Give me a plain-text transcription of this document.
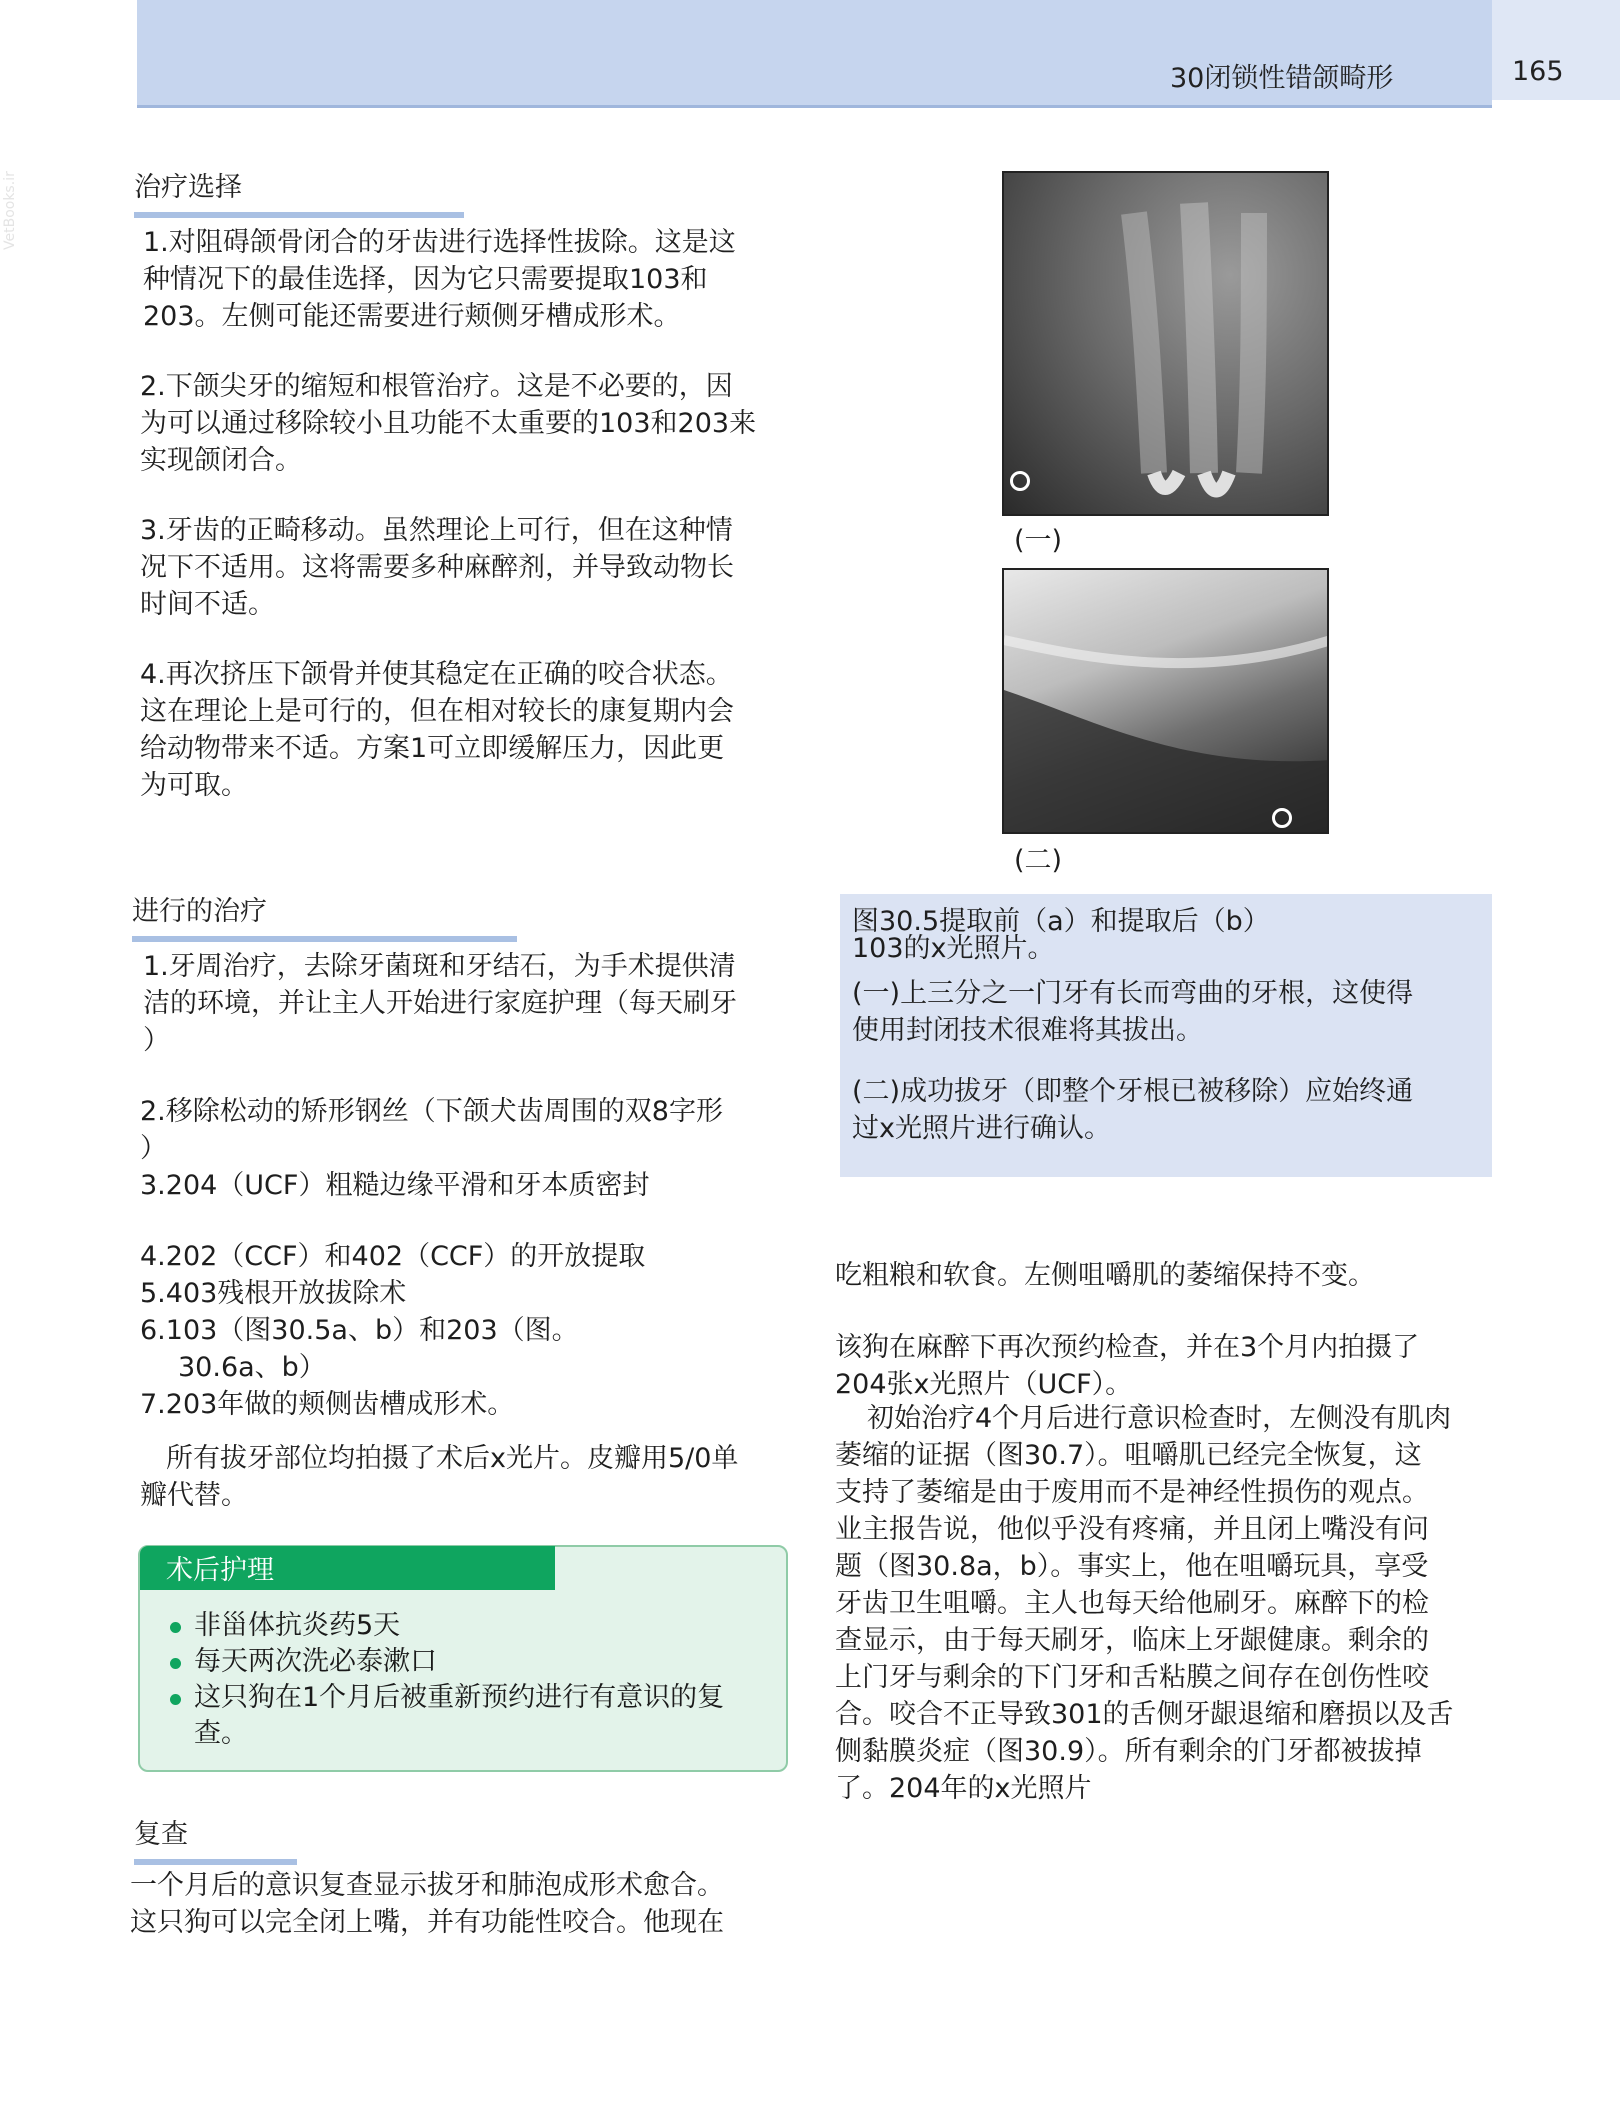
30闭锁性错颌畸形	165
VetBooks.ir	治疗选择
1.对阻碍颌骨闭合的牙齿进行选择性拔除。这是这
种情况下的最佳选择，因为它只需要提取103和
203。左侧可能还需要进行颊侧牙槽成形术。
2.下颌尖牙的缩短和根管治疗。这是不必要的，因
为可以通过移除较小且功能不太重要的103和203来
实现颌闭合。
3.牙齿的正畸移动。虽然理论上可行，但在这种情
况下不适用。这将需要多种麻醉剂，并导致动物长
时间不适。
4.再次挤压下颌骨并使其稳定在正确的咬合状态。
这在理论上是可行的，但在相对较长的康复期内会
给动物带来不适。方案1可立即缓解压力，因此更
为可取。
进行的治疗
1.牙周治疗，去除牙菌斑和牙结石，为手术提供清
洁的环境，并让主人开始进行家庭护理（每天刷牙
）
2.移除松动的矫形钢丝（下颌犬齿周围的双8字形
）
3.204（UCF）粗糙边缘平滑和牙本质密封
4.202（CCF）和402（CCF）的开放提取
5.403残根开放拔除术
6.103（图30.5a、b）和203（图。
30.6a、b）
7.203年做的颊侧齿槽成形术。
所有拔牙部位均拍摄了术后x光片。皮瓣用5/0单
瓣代替。
术后护理
非甾体抗炎药5天
每天两次洗必泰漱口
这只狗在1个月后被重新预约进行有意识的复查。
复查
一个月后的意识复查显示拔牙和肺泡成形术愈合。
这只狗可以完全闭上嘴，并有功能性咬合。他现在
(一)
(二)
图30.5提取前（a）和提取后（b）
103的x光照片。
(一)上三分之一门牙有长而弯曲的牙根，这使得
使用封闭技术很难将其拔出。
(二)成功拔牙（即整个牙根已被移除）应始终通
过x光照片进行确认。
吃粗粮和软食。左侧咀嚼肌的萎缩保持不变。
该狗在麻醉下再次预约检查，并在3个月内拍摄了
204张x光照片（UCF）。
初始治疗4个月后进行意识检查时，左侧没有肌肉
萎缩的证据（图30.7）。咀嚼肌已经完全恢复，这
支持了萎缩是由于废用而不是神经性损伤的观点。
业主报告说，他似乎没有疼痛，并且闭上嘴没有问
题（图30.8a，b）。事实上，他在咀嚼玩具，享受
牙齿卫生咀嚼。主人也每天给他刷牙。麻醉下的检
查显示，由于每天刷牙，临床上牙龈健康。剩余的
上门牙与剩余的下门牙和舌粘膜之间存在创伤性咬
合。咬合不正导致301的舌侧牙龈退缩和磨损以及舌
侧黏膜炎症（图30.9）。所有剩余的门牙都被拔掉
了。204年的x光照片
